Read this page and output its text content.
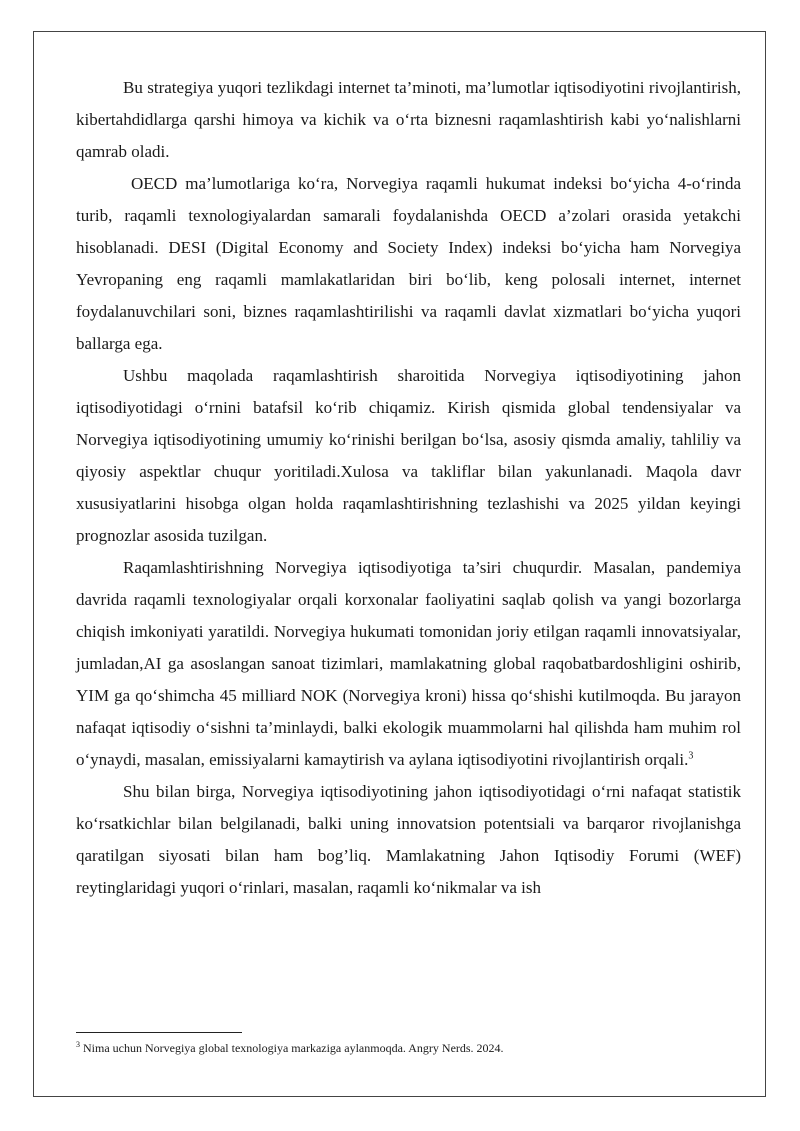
Bu strategiya yuqori tezlikdagi internet ta’minoti, ma’lumotlar iqtisodiyotini rivojlantirish, kibertahdidlarga qarshi himoya va kichik va o‘rta biznesni raqamlashtirish kabi yo‘nalishlarni qamrab oladi.

OECD ma’lumotlariga ko‘ra, Norvegiya raqamli hukumat indeksi bo‘yicha 4-o‘rinda turib, raqamli texnologiyalardan samarali foydalanishda OECD a’zolari orasida yetakchi hisoblanadi. DESI (Digital Economy and Society Index) indeksi bo‘yicha ham Norvegiya Yevropaning eng raqamli mamlakatlaridan biri bo‘lib, keng polosali internet, internet foydalanuvchilari soni, biznes raqamlashtirilishi va raqamli davlat xizmatlari bo‘yicha yuqori ballarga ega.

Ushbu maqolada raqamlashtirish sharoitida Norvegiya iqtisodiyotining jahon iqtisodiyotidagi o‘rnini batafsil ko‘rib chiqamiz. Kirish qismida global tendensiyalar va Norvegiya iqtisodiyotining umumiy ko‘rinishi berilgan bo‘lsa, asosiy qismda amaliy, tahliliy va qiyosiy aspektlar chuqur yoritiladi.Xulosa va takliflar bilan yakunlanadi. Maqola davr xususiyatlarini hisobga olgan holda raqamlashtirishning tezlashishi va 2025 yildan keyingi prognozlar asosida tuzilgan.

Raqamlashtirishning Norvegiya iqtisodiyotiga ta’siri chuqurdir. Masalan, pandemiya davrida raqamli texnologiyalar orqali korxonalar faoliyatini saqlab qolish va yangi bozorlarga chiqish imkoniyati yaratildi. Norvegiya hukumati tomonidan joriy etilgan raqamli innovatsiyalar, jumladan,AI ga asoslangan sanoat tizimlari, mamlakatning global raqobatbardoshligini oshirib, YIM ga qo‘shimcha 45 milliard NOK (Norvegiya kroni) hissa qo‘shishi kutilmoqda. Bu jarayon nafaqat iqtisodiy o‘sishni ta’minlaydi, balki ekologik muammolarni hal qilishda ham muhim rol o‘ynaydi, masalan, emissiyalarni kamaytirish va aylana iqtisodiyotini rivojlantirish orqali.$^3$

Shu bilan birga, Norvegiya iqtisodiyotining jahon iqtisodiyotidagi o‘rni nafaqat statistik ko‘rsatkichlar bilan belgilanadi, balki uning innovatsion potentsiali va barqaror rivojlanishga qaratilgan siyosati bilan ham bog’liq. Mamlakatning Jahon Iqtisodiy Forumi (WEF) reytinglaridagi yuqori o‘rinlari, masalan, raqamli ko‘nikmalar va ish

$^3$ Nima uchun Norvegiya global texnologiya markaziga aylanmoqda. Angry Nerds. 2024.
